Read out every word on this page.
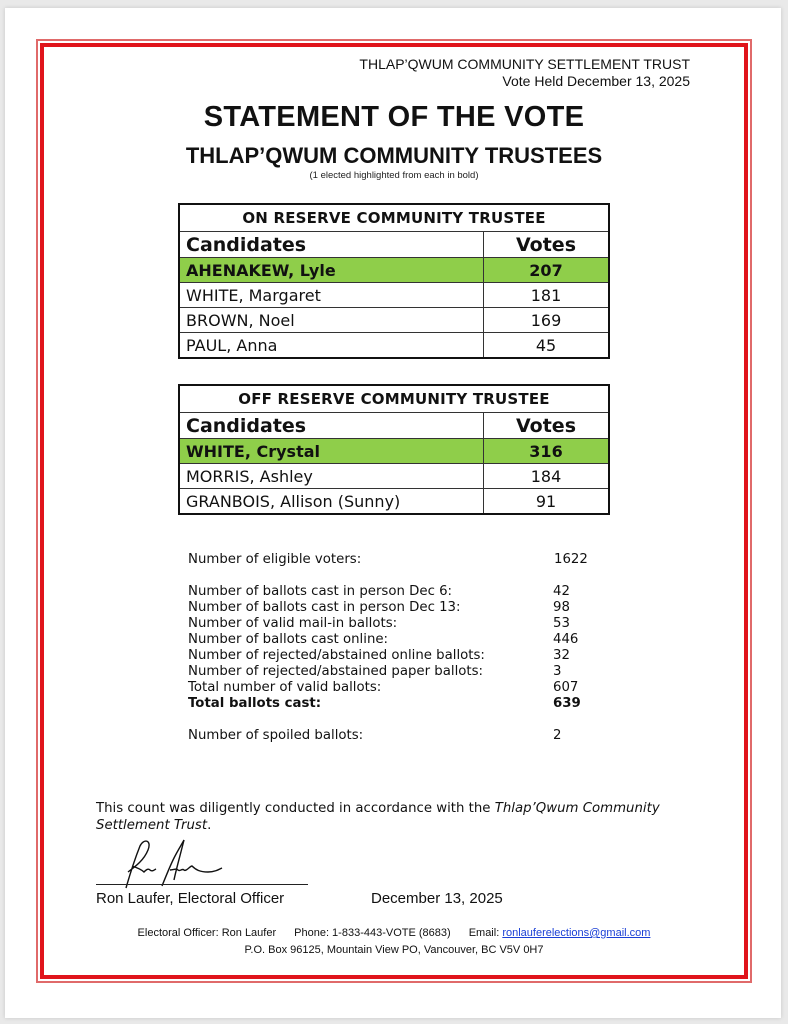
THLAP’QWUM COMMUNITY SETTLEMENT TRUST
Vote Held December 13, 2025
STATEMENT OF THE VOTE
THLAP’QWUM COMMUNITY TRUSTEES
(1 elected highlighted from each in bold)
ON RESERVE COMMUNITY TRUSTEE	
Candidates	Votes
AHENAKEW, Lyle	207
WHITE, Margaret	181
BROWN, Noel	169
PAUL, Anna	45
OFF RESERVE COMMUNITY TRUSTEE	
Candidates	Votes
WHITE, Crystal	316
MORRIS, Ashley	184
GRANBOIS, Allison (Sunny)	91
Number of eligible voters:	1622
Number of ballots cast in person Dec 6:	42
Number of ballots cast in person Dec 13:	98
Number of valid mail-in ballots:	53
Number of ballots cast online:	446
Number of rejected/abstained online ballots:	32
Number of rejected/abstained paper ballots:	3
Total number of valid ballots:	607
Total ballots cast:	639
Number of spoiled ballots:	2
This count was diligently conducted in accordance with the Thlap’Qwum Community Settlement Trust.
Ron Laufer, Electoral Officer	December 13, 2025
Electoral Officer: Ron Laufer Phone: 1-833-443-VOTE (8683) Email: ronlauferelections@gmail.com
P.O. Box 96125, Mountain View PO, Vancouver, BC V5V 0H7
